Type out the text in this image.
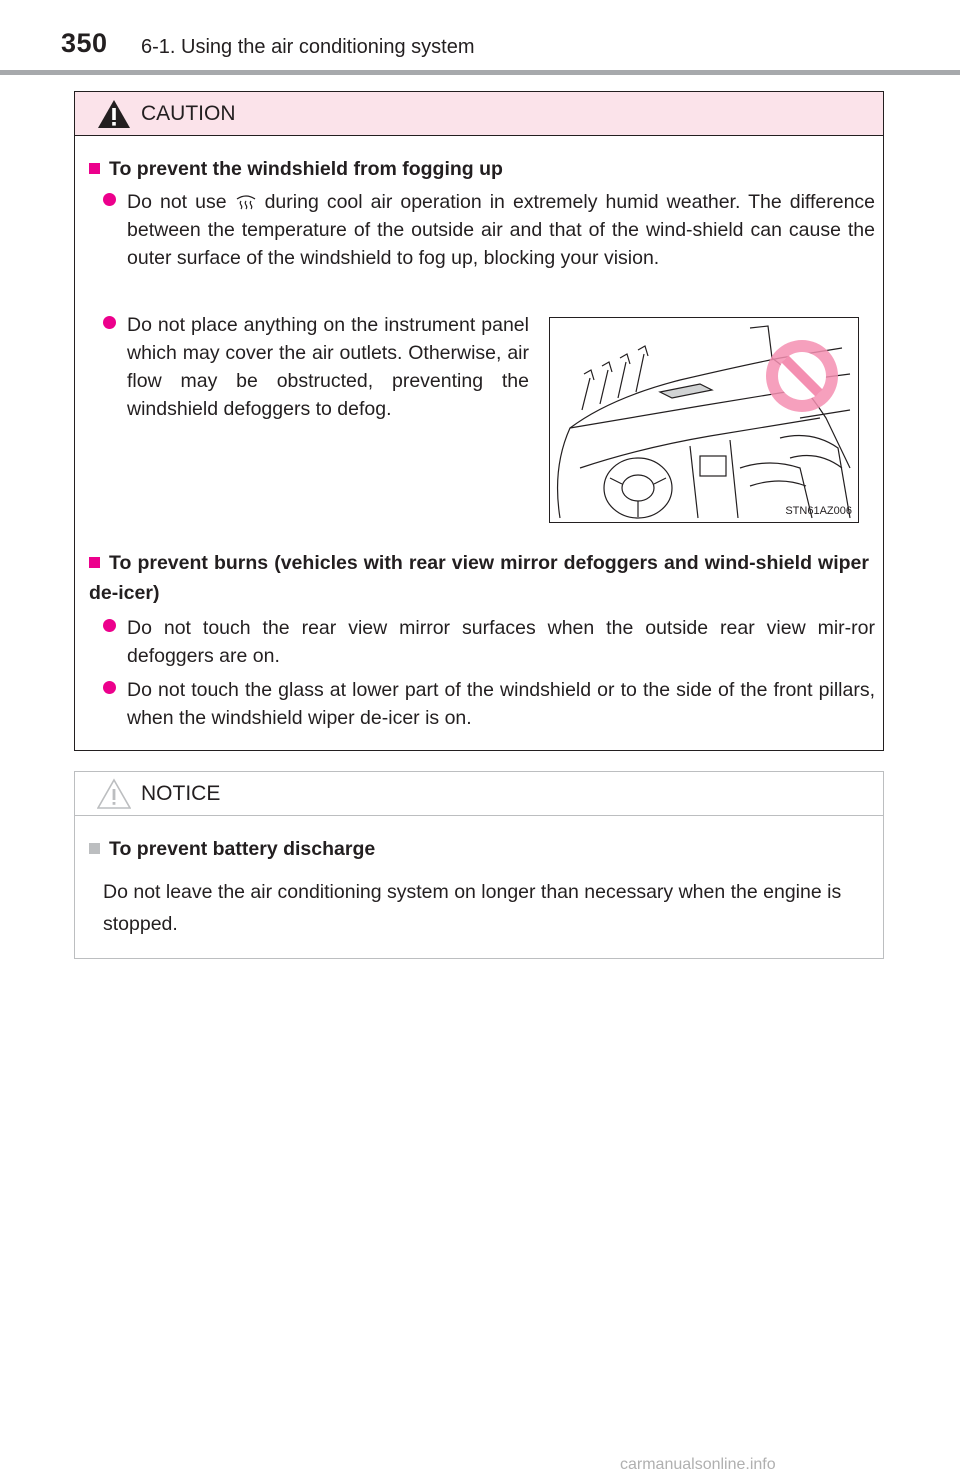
350 6-1. Using the air conditioning system
CAUTION
To prevent the windshield from fogging up
Do not use during cool air operation in extremely humid weather. The difference between the temperature of the outside air and that of the wind-shield can cause the outer surface of the windshield to fog up, blocking your vision.
Do not place anything on the instrument panel which may cover the air outlets. Otherwise, air flow may be obstructed, preventing the windshield defoggers to defog.
STN61AZ006
To prevent burns (vehicles with rear view mirror defoggers and wind-shield wiper de-icer)
Do not touch the rear view mirror surfaces when the outside rear view mir-ror defoggers are on.
Do not touch the glass at lower part of the windshield or to the side of the front pillars, when the windshield wiper de-icer is on.
NOTICE
To prevent battery discharge
Do not leave the air conditioning system on longer than necessary when the engine is stopped.
carmanualsonline.info
